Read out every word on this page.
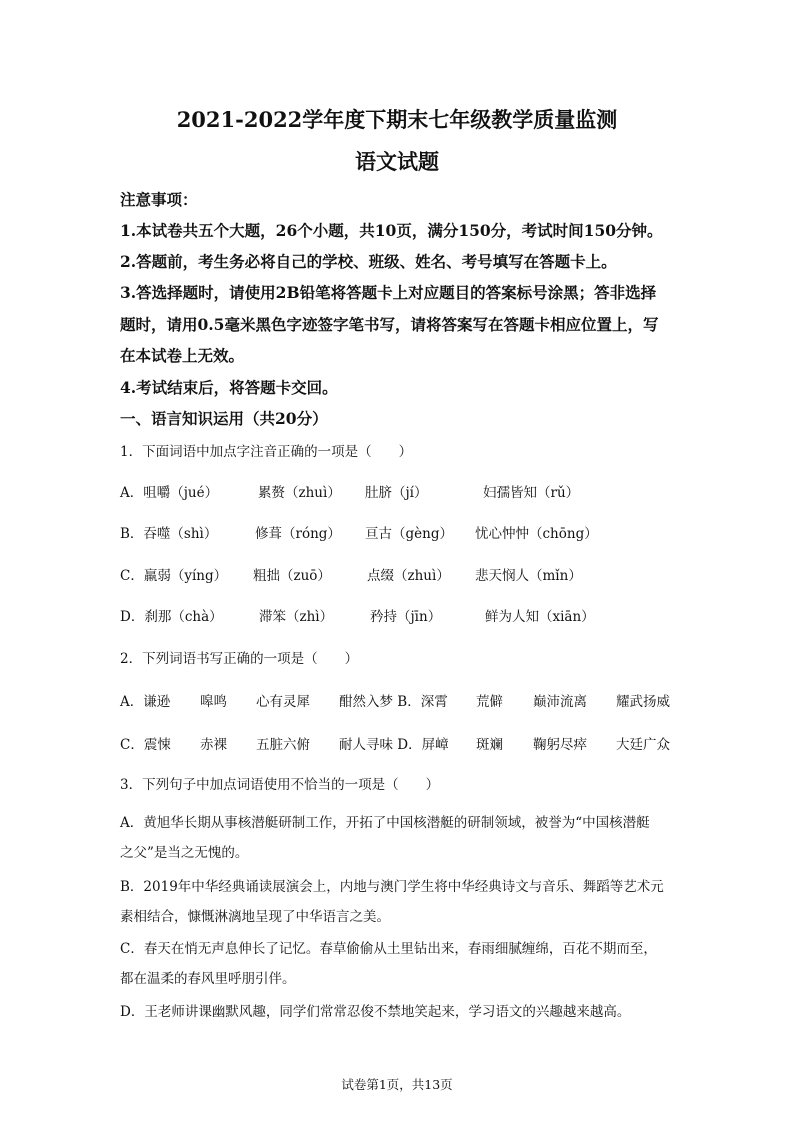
2021-2022学年度下期末七年级教学质量监测
语文试题
注意事项：
1.本试卷共五个大题，26个小题，共10页，满分150分，考试时间150分钟。
2.答题前，考生务必将自己的学校、班级、姓名、考号填写在答题卡上。
3.答选择题时，请使用2B铅笔将答题卡上对应题目的答案标号涂黑；答非选择
题时，请用0.5毫米黑色字迹签字笔书写，请将答案写在答题卡相应位置上，写
在本试卷上无效。
4.考试结束后，将答题卡交回。
一、语言知识运用（共20分）
1．下面词语中加点字注音正确的一项是（　　）
A．咀嚼（jué）	累赘（zhuì） 肚脐（jí）	妇孺皆知（rǔ）
B．吞噬（shì）	修葺（róng） 亘古（gèng） 忧心忡忡（chōng）
C．羸弱（yíng） 粗拙（zuō）	点缀（zhuì） 悲天悯人（mǐn）
D．刹那（chà）	滞笨（zhì）	矜持（jīn）	鲜为人知（xiān）
2．下列词语书写正确的一项是（　　）
A．谦逊 嗥鸣 心有灵犀 酣然入梦 B．深霄 荒僻 巅沛流离 耀武扬威
C．震悚 赤裸 五脏六俯 耐人寻味 D．屏嶂 斑斓 鞠躬尽瘁 大廷广众
3．下列句子中加点词语使用不恰当的一项是（　　）
A．黄旭华长期从事核潜艇研制工作，开拓了中国核潜艇的研制领域，被誉为“中国核潜艇
之父”是当之无愧的。
B．2019年中华经典诵读展演会上，内地与澳门学生将中华经典诗文与音乐、舞蹈等艺术元
素相结合，慷慨淋漓地呈现了中华语言之美。
C．春天在悄无声息伸长了记忆。春草偷偷从土里钻出来，春雨细腻缠绵，百花不期而至，
都在温柔的春风里呼朋引伴。
D．王老师讲课幽默风趣，同学们常常忍俊不禁地笑起来，学习语文的兴趣越来越高。
试卷第1页，共13页
